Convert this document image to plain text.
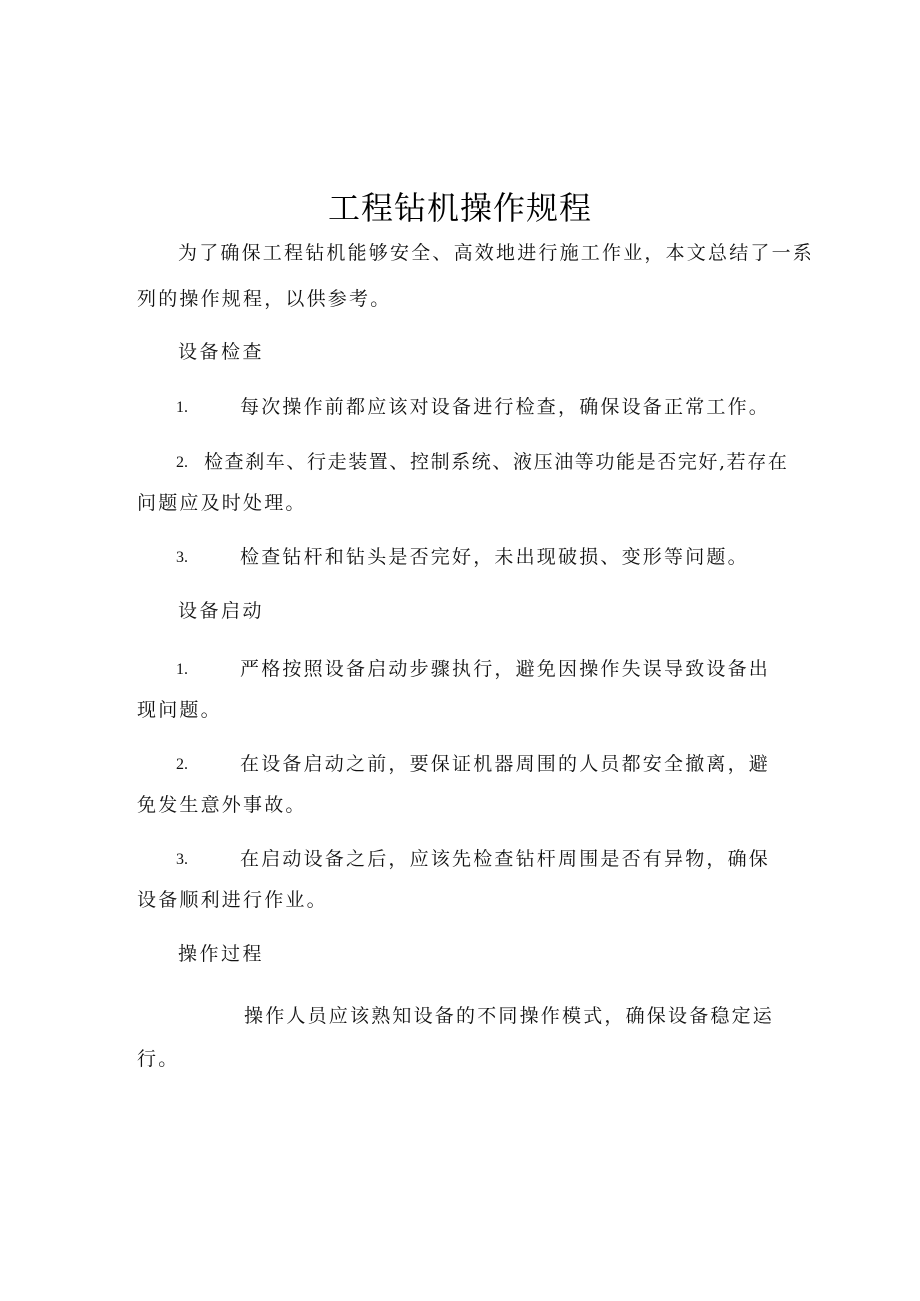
工程钻机操作规程
为了确保工程钻机能够安全、高效地进行施工作业，本文总结了一系
列的操作规程，以供参考。
设备检查
1.	每次操作前都应该对设备进行检查，确保设备正常工作。
2. 检查刹车、行走装置、控制系统、液压油等功能是否完好,若存在
问题应及时处理。
3.	检查钻杆和钻头是否完好，未出现破损、变形等问题。
设备启动
1.	严格按照设备启动步骤执行，避免因操作失误导致设备出
现问题。
2.	在设备启动之前，要保证机器周围的人员都安全撤离，避
免发生意外事故。
3.	在启动设备之后，应该先检查钻杆周围是否有异物，确保
设备顺利进行作业。
操作过程
操作人员应该熟知设备的不同操作模式，确保设备稳定运
行。
